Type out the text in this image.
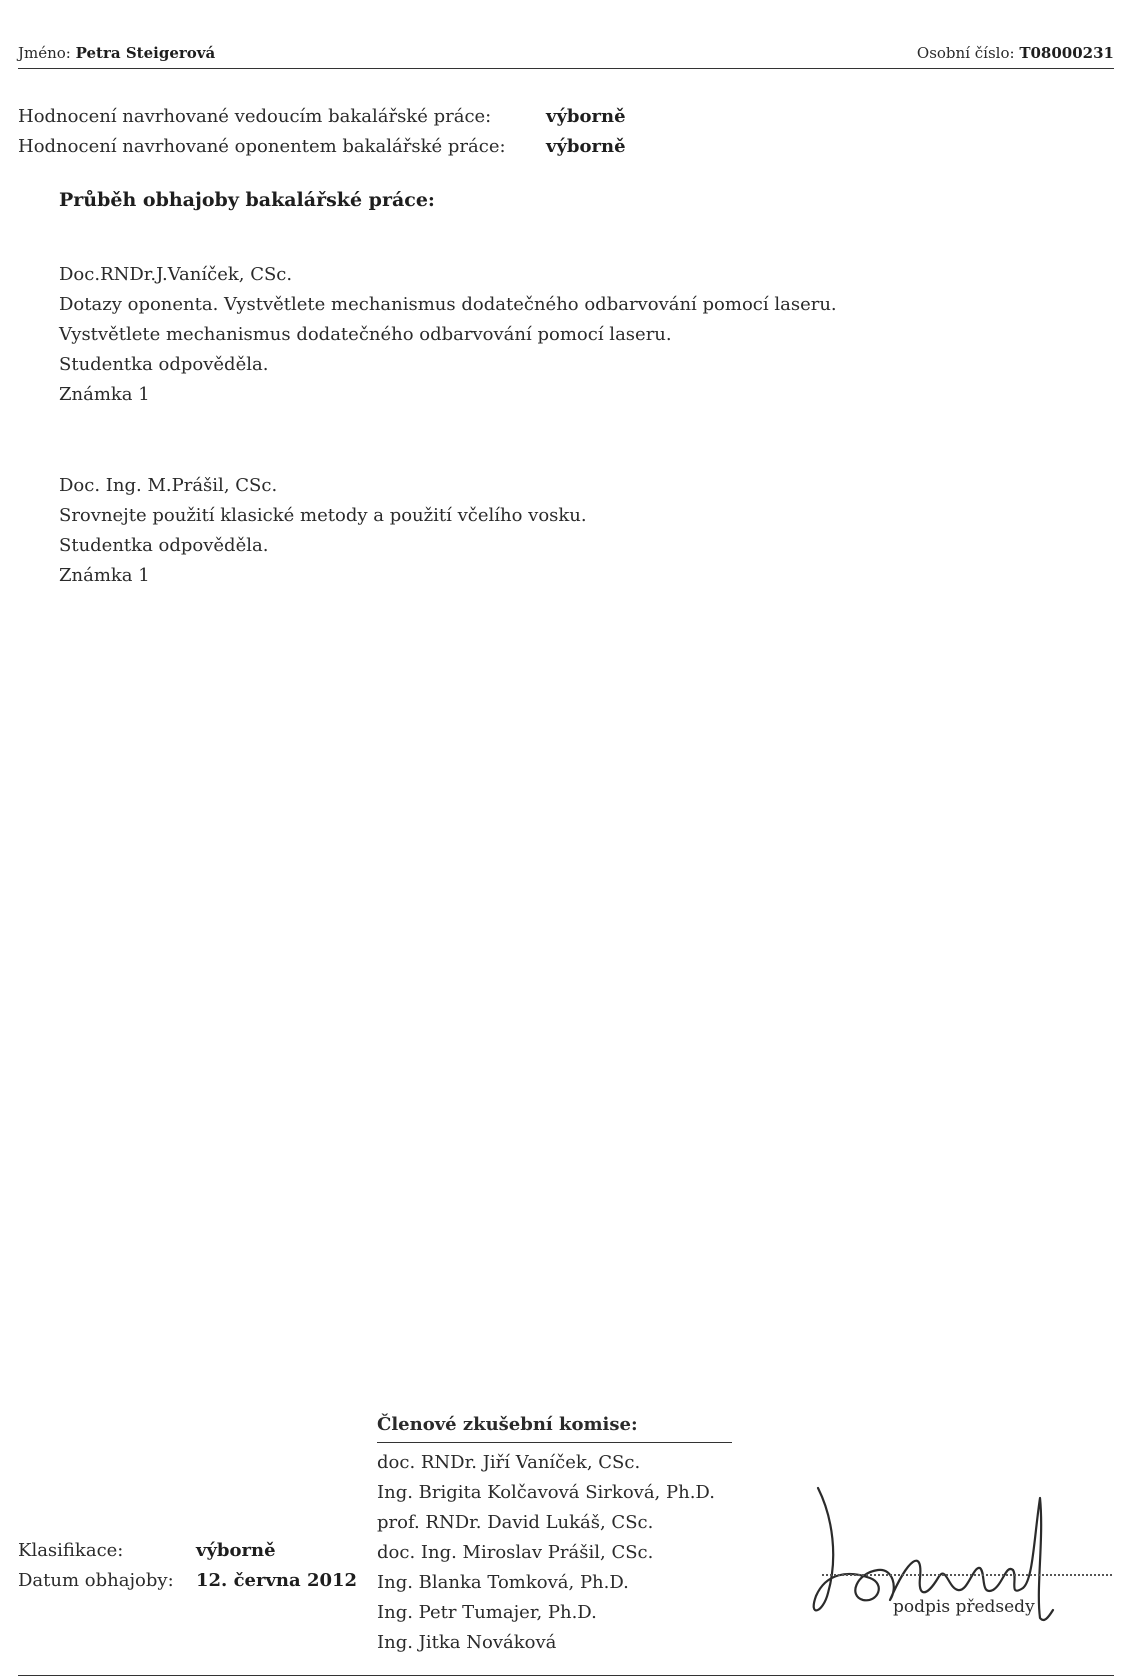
Jméno: Petra Steigerová	Osobní číslo: T08000231
Hodnocení navrhované vedoucím bakalářské práce:	výborně
Hodnocení navrhované oponentem bakalářské práce: výborně
Průběh obhajoby bakalářské práce:
Doc.RNDr.J.Vaníček, CSc.
Dotazy oponenta. Vystvětlete mechanismus dodatečného odbarvování pomocí laseru.
Vystvětlete mechanismus dodatečného odbarvování pomocí laseru.
Studentka odpověděla.
Známka 1
Doc. Ing. M.Prášil, CSc.
Srovnejte použití klasické metody a použití včelího vosku.
Studentka odpověděla.
Známka 1
Členové zkušební komise:
doc. RNDr. Jiří Vaníček, CSc.
Ing. Brigita Kolčavová Sirková, Ph.D.
prof. RNDr. David Lukáš, CSc.
doc. Ing. Miroslav Prášil, CSc.
Ing. Blanka Tomková, Ph.D.
Ing. Petr Tumajer, Ph.D.
Ing. Jitka Nováková
Klasifikace:	výborně
Datum obhajoby: 12. června 2012
podpis předsedy
